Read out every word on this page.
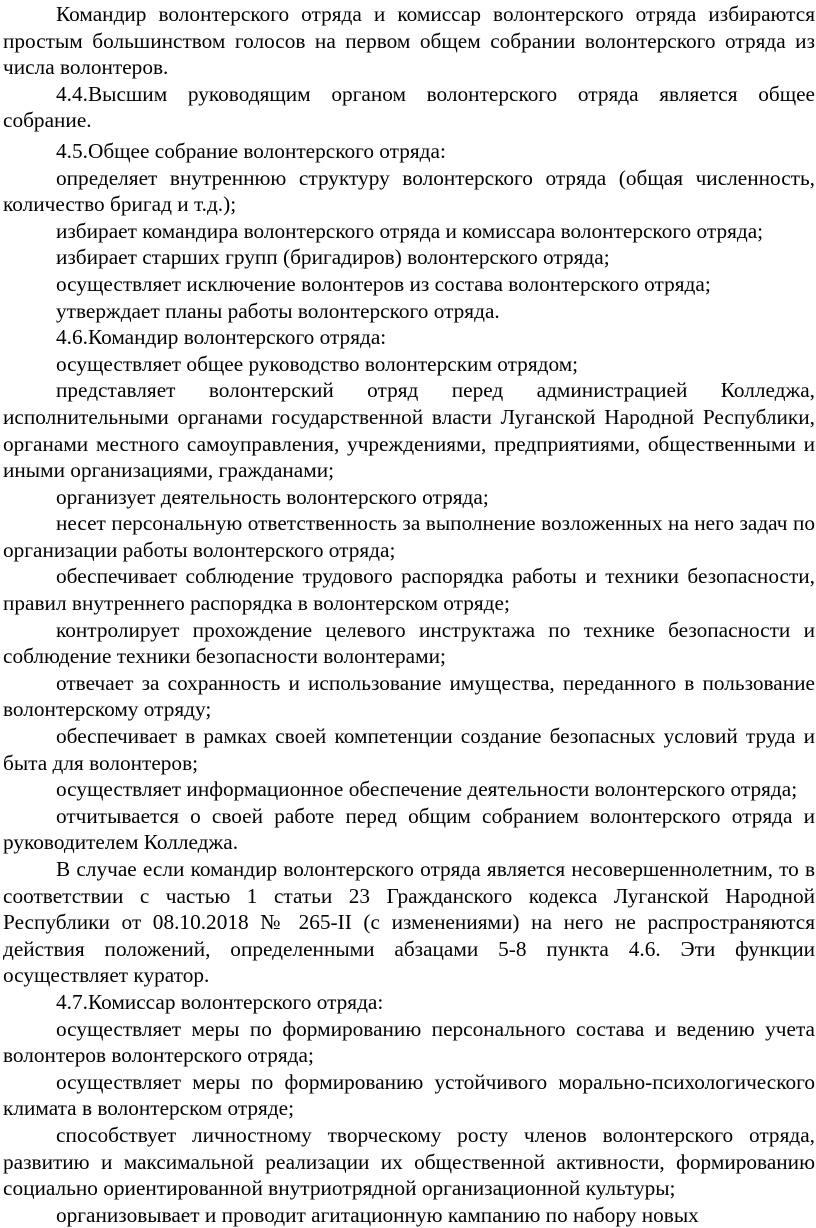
Командир волонтерского отряда и комиссар волонтерского отряда избираются простым большинством голосов на первом общем собрании волонтерского отряда из числа волонтеров.

4.4.Высшим руководящим органом волонтерского отряда является общее собрание.

4.5.Общее собрание волонтерского отряда:

определяет внутреннюю структуру волонтерского отряда (общая численность, количество бригад и т.д.);

избирает командира волонтерского отряда и комиссара волонтерского отряда;

избирает старших групп (бригадиров) волонтерского отряда;

осуществляет исключение волонтеров из состава волонтерского отряда;

утверждает планы работы волонтерского отряда.

4.6.Командир волонтерского отряда:

осуществляет общее руководство волонтерским отрядом;

представляет волонтерский отряд перед администрацией Колледжа, исполнительными органами государственной власти Луганской Народной Республики, органами местного самоуправления, учреждениями, предприятиями, общественными и иными организациями, гражданами;

организует деятельность волонтерского отряда;

несет персональную ответственность за выполнение возложенных на него задач по организации работы волонтерского отряда;

обеспечивает соблюдение трудового распорядка работы и техники безопасности, правил внутреннего распорядка в волонтерском отряде;

контролирует прохождение целевого инструктажа по технике безопасности и соблюдение техники безопасности волонтерами;

отвечает за сохранность и использование имущества, переданного в пользование волонтерскому отряду;

обеспечивает в рамках своей компетенции создание безопасных условий труда и быта для волонтеров;

осуществляет информационное обеспечение деятельности волонтерского отряда;

отчитывается о своей работе перед общим собранием волонтерского отряда и руководителем Колледжа.

В случае если командир волонтерского отряда является несовершеннолетним, то в соответствии с частью 1 статьи 23 Гражданского кодекса Луганской Народной Республики от 08.10.2018 № 265-II (с изменениями) на него не распространяются действия положений, определенными абзацами 5-8 пункта 4.6. Эти функции осуществляет куратор.

4.7.Комиссар волонтерского отряда:

осуществляет меры по формированию персонального состава и ведению учета волонтеров волонтерского отряда;

осуществляет меры по формированию устойчивого морально-психологического климата в волонтерском отряде;

способствует личностному творческому росту членов волонтерского отряда, развитию и максимальной реализации их общественной активности, формированию социально ориентированной внутриотрядной организационной культуры;

организовывает и проводит агитационную кампанию по набору новых
